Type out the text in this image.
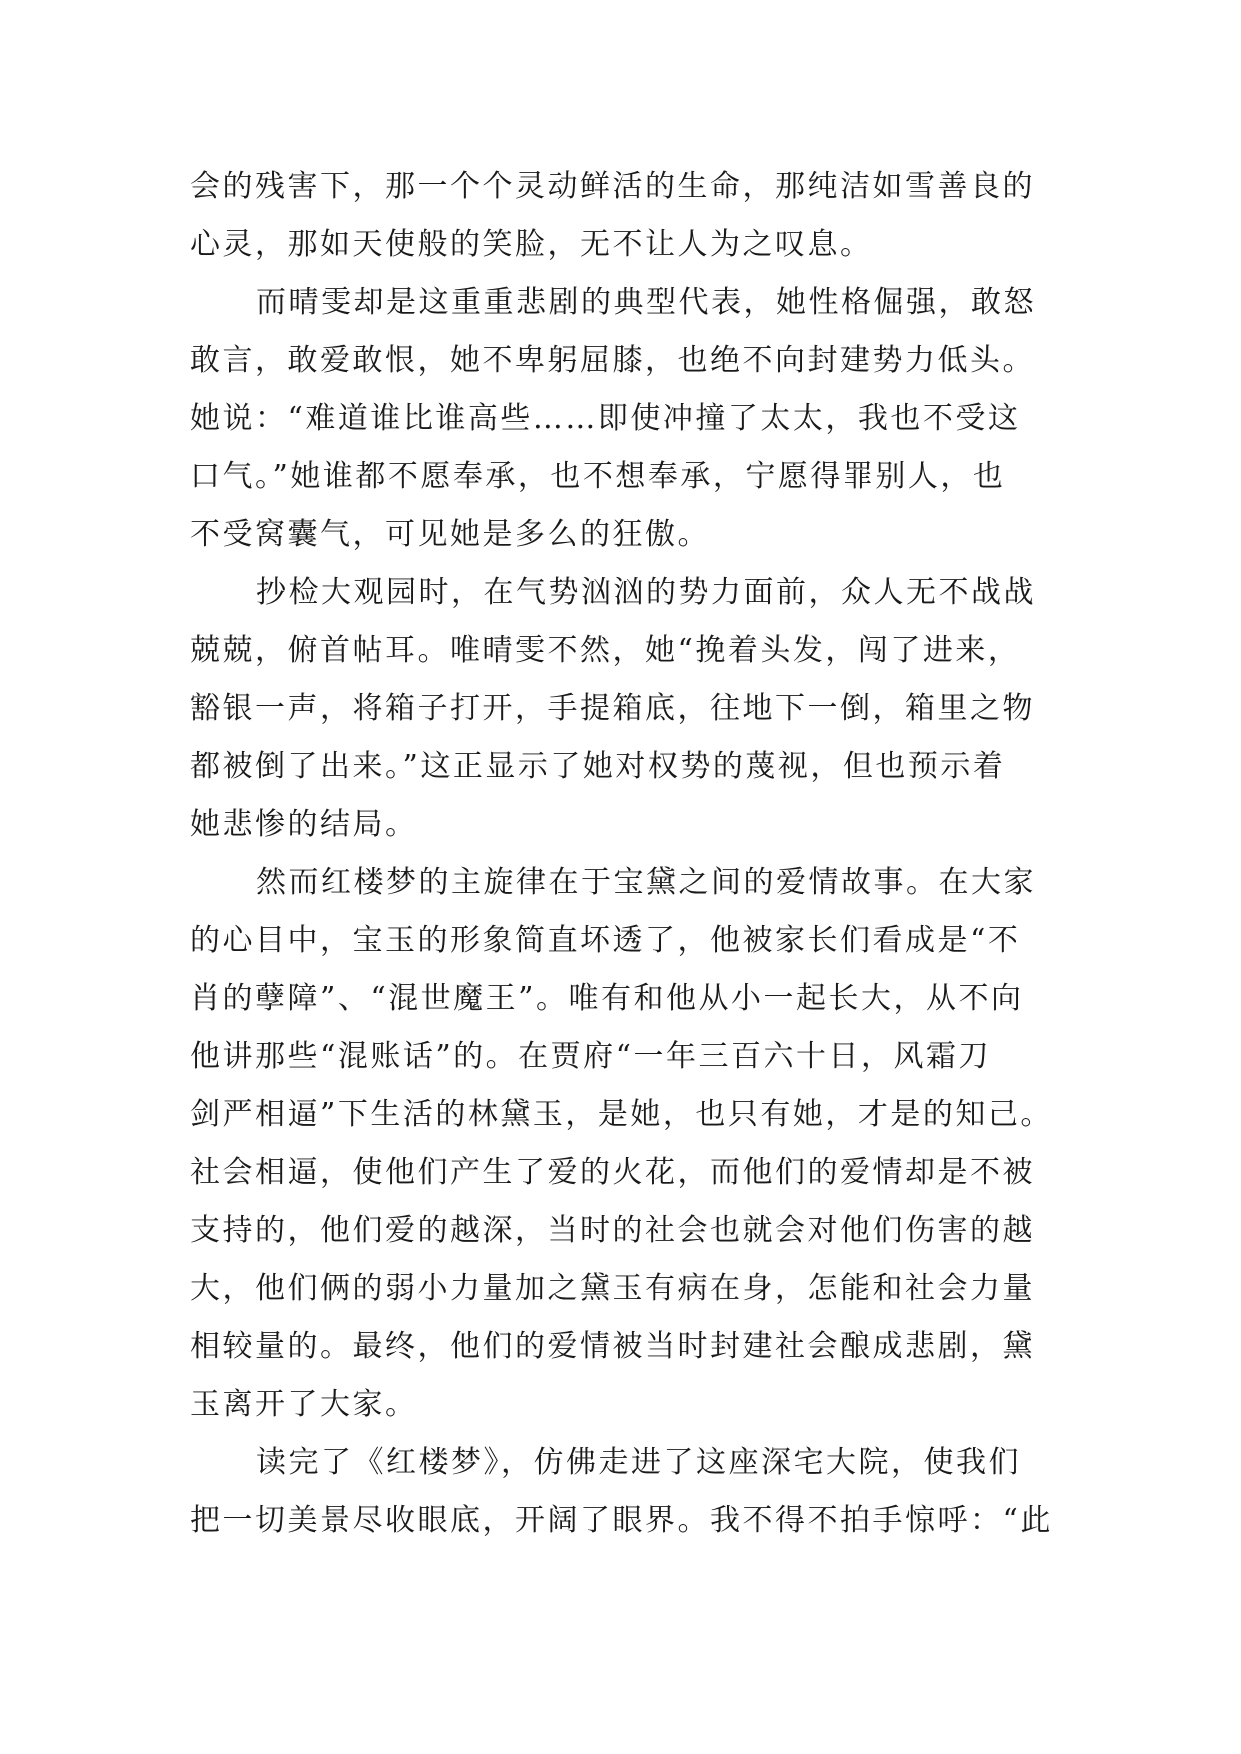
会的残害下，那一个个灵动鲜活的生命，那纯洁如雪善良的
心灵，那如天使般的笑脸，无不让人为之叹息。
而晴雯却是这重重悲剧的典型代表，她性格倔强，敢怒
敢言，敢爱敢恨，她不卑躬屈膝，也绝不向封建势力低头。
她说：“难道谁比谁高些……即使冲撞了太太，我也不受这
口气。”她谁都不愿奉承，也不想奉承，宁愿得罪别人，也
不受窝囊气，可见她是多么的狂傲。
抄检大观园时，在气势汹汹的势力面前，众人无不战战
兢兢，俯首帖耳。唯晴雯不然，她“挽着头发，闯了进来，
豁银一声，将箱子打开，手提箱底，往地下一倒，箱里之物
都被倒了出来。”这正显示了她对权势的蔑视，但也预示着
她悲惨的结局。
然而红楼梦的主旋律在于宝黛之间的爱情故事。在大家
的心目中，宝玉的形象简直坏透了，他被家长们看成是“不
肖的孽障”、“混世魔王”。唯有和他从小一起长大，从不向
他讲那些“混账话”的。在贾府“一年三百六十日，风霜刀
剑严相逼”下生活的林黛玉，是她，也只有她，才是的知己。
社会相逼，使他们产生了爱的火花，而他们的爱情却是不被
支持的，他们爱的越深，当时的社会也就会对他们伤害的越
大，他们俩的弱小力量加之黛玉有病在身，怎能和社会力量
相较量的。最终，他们的爱情被当时封建社会酿成悲剧，黛
玉离开了大家。
读完了《红楼梦》，仿佛走进了这座深宅大院，使我们
把一切美景尽收眼底，开阔了眼界。我不得不拍手惊呼：“此
